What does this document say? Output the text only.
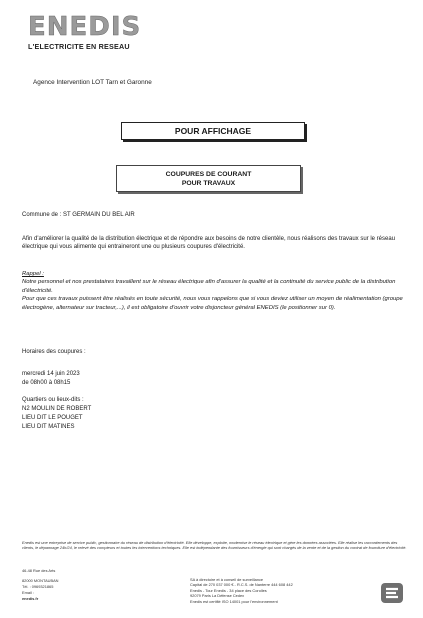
ENEDIS
L'ELECTRICITE EN RESEAU
Agence Intervention LOT Tarn et Garonne
POUR AFFICHAGE
COUPURES DE COURANT
POUR TRAVAUX
Commune de : ST GERMAIN DU BEL AIR
Afin d'améliorer la qualité de la distribution électrique et de répondre aux besoins de notre clientèle, nous réalisons des travaux sur le réseau électrique qui vous alimente qui entraineront une ou plusieurs coupures d'électricité.
Rappel :
Notre personnel et nos prestataires travaillent sur le réseau électrique afin d'assurer la qualité et la continuité du service public de la distribution d'électricité.
Pour que ces travaux puissent être réalisés en toute sécurité, nous vous rappelons que si vous deviez utiliser un moyen de réalimentation (groupe électrogène, alternateur sur tracteur,...), il est obligatoire d'ouvrir votre disjoncteur général ENEDIS (le positionner sur 0).
Horaires des coupures :
mercredi 14 juin 2023
de 08h00 à 08h15
Quartiers ou lieux-dits :
N2 MOULIN DE ROBERT
LIEU DIT LE POUGET
LIEU DIT MATINES
Enedis est une entreprise de service public, gestionnaire du réseau de distribution d'électricité. Elle développe, exploite, modernise le réseau électrique et gère les données associées. Elle réalise les raccordements des clients, le dépannage 24h/24, le relevé des compteurs et toutes les interventions techniques. Elle est indépendante des fournisseurs d'énergie qui sont chargés de la vente et de la gestion du contrat de fourniture d'électricité.
46-48 Rue des Arts
82000 MONTAUBAN
Tél. : 0969321865
Email :
enedis.fr
SA à directoire et à conseil de surveillance
Capital de 270 037 000 € - R.C.S. de Nanterre 444 608 442
Enedis - Tour Enedis - 34 place des Corolles
92079 Paris La Défense Cedex
Enedis est certifié ISO 14001 pour l'environnement
